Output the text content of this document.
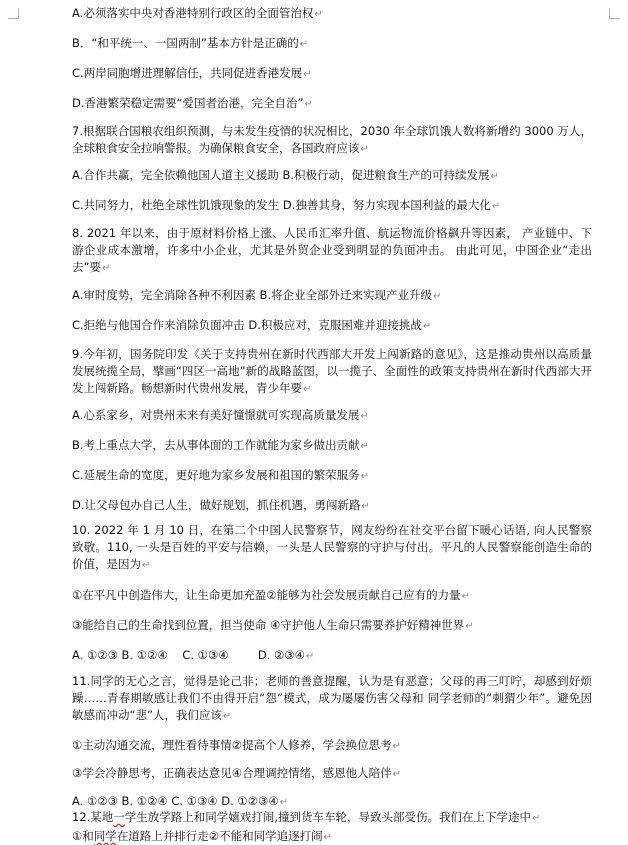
A.必须落实中央对香港特别行政区的全面管治权↵
B．“和平统一、一国两制”基本方针是正确的↵
C.两岸同胞增进理解信任，共同促进香港发展↵
D.香港繁荣稳定需要“爱国者治港，完全自治”↵
7.根据联合国粮农组织预测，与未发生疫情的状况相比，2030 年全球饥饿人数将新增约 3000 万人，全球粮食安全拉响警报。为确保粮食安全，各国政府应该↵
A.合作共赢，完全依赖他国人道主义援助 B.积极行动，促进粮食生产的可持续发展↵
C.共同努力，杜绝全球性饥饿现象的发生 D.独善其身，努力实现本国利益的最大化↵
8. 2021 年以来，由于原材料价格上涨、人民币汇率升值、航运物流价格飙升等因素， 产业链中、下游企业成本激增，许多中小企业，尤其是外贸企业受到明显的负面冲击。 由此可见，中国企业“走出去”要↵
A.审时度势，完全消除各种不利因素 B.将企业全部外迁来实现产业升级↵
C.拒绝与他国合作来消除负面冲击 D.积极应对，克服困难并迎接挑战↵
9.今年初，国务院印发《关于支持贵州在新时代西部大开发上闯新路的意见》，这是推动贵州以高质量发展统揽全局，擘画“四区一高地”新的战略蓝图，以一揽子、全面性的政策支持贵州在新时代西部大开发上闯新路。畅想新时代贵州发展，青少年要↵
A.心系家乡，对贵州未来有美好憧憬就可实现高质量发展↵
B.考上重点大学，去从事体面的工作就能为家乡做出贡献↵
C.延展生命的宽度，更好地为家乡发展和祖国的繁荣服务↵
D.让父母包办自己人生，做好规划，抓住机遇，勇闯新路↵
10. 2022 年 1 月 10 日，在第二个中国人民警察节，网友纷纷在社交平台留下暖心话语, 向人民警察致敬。110, 一头是百姓的平安与信赖，一头是人民警察的守护与付出。平凡的人民警察能创造生命的价值，是因为↵
①在平凡中创造伟大，让生命更加充盈②能够为社会发展贡献自己应有的力量↵
③能给自己的生命找到位置，担当使命 ④守护他人生命只需要养护好精神世界↵
A. ①②③ B. ①②④    C. ①③④        D. ②③④↵
11.同学的无心之言，觉得是论己非；老师的善意提醒，认为是有恶意；父母的再三叮咛，却感到好烦躁……青春期敏感让我们不由得开启“怨”模式，成为屡屡伤害父母和 同学老师的“刺猬少年”。避免因敏感而冲动“悲”人，我们应该↵
①主动沟通交流，理性看待事情②提高个人修养，学会换位思考↵
③学会冷静思考，正确表达意见④合理调控情绪，感恩他人陪伴↵
A. ①②③ B. ①②④ C. ①③④ D. ①②③④↵
12.某地一学生放学路上和同学嬉戏打闹,撞到货车车轮，导致头部受伤。我们在上下学途中↵
①和同学在道路上并排行走②不能和同学追逐打闹↵
